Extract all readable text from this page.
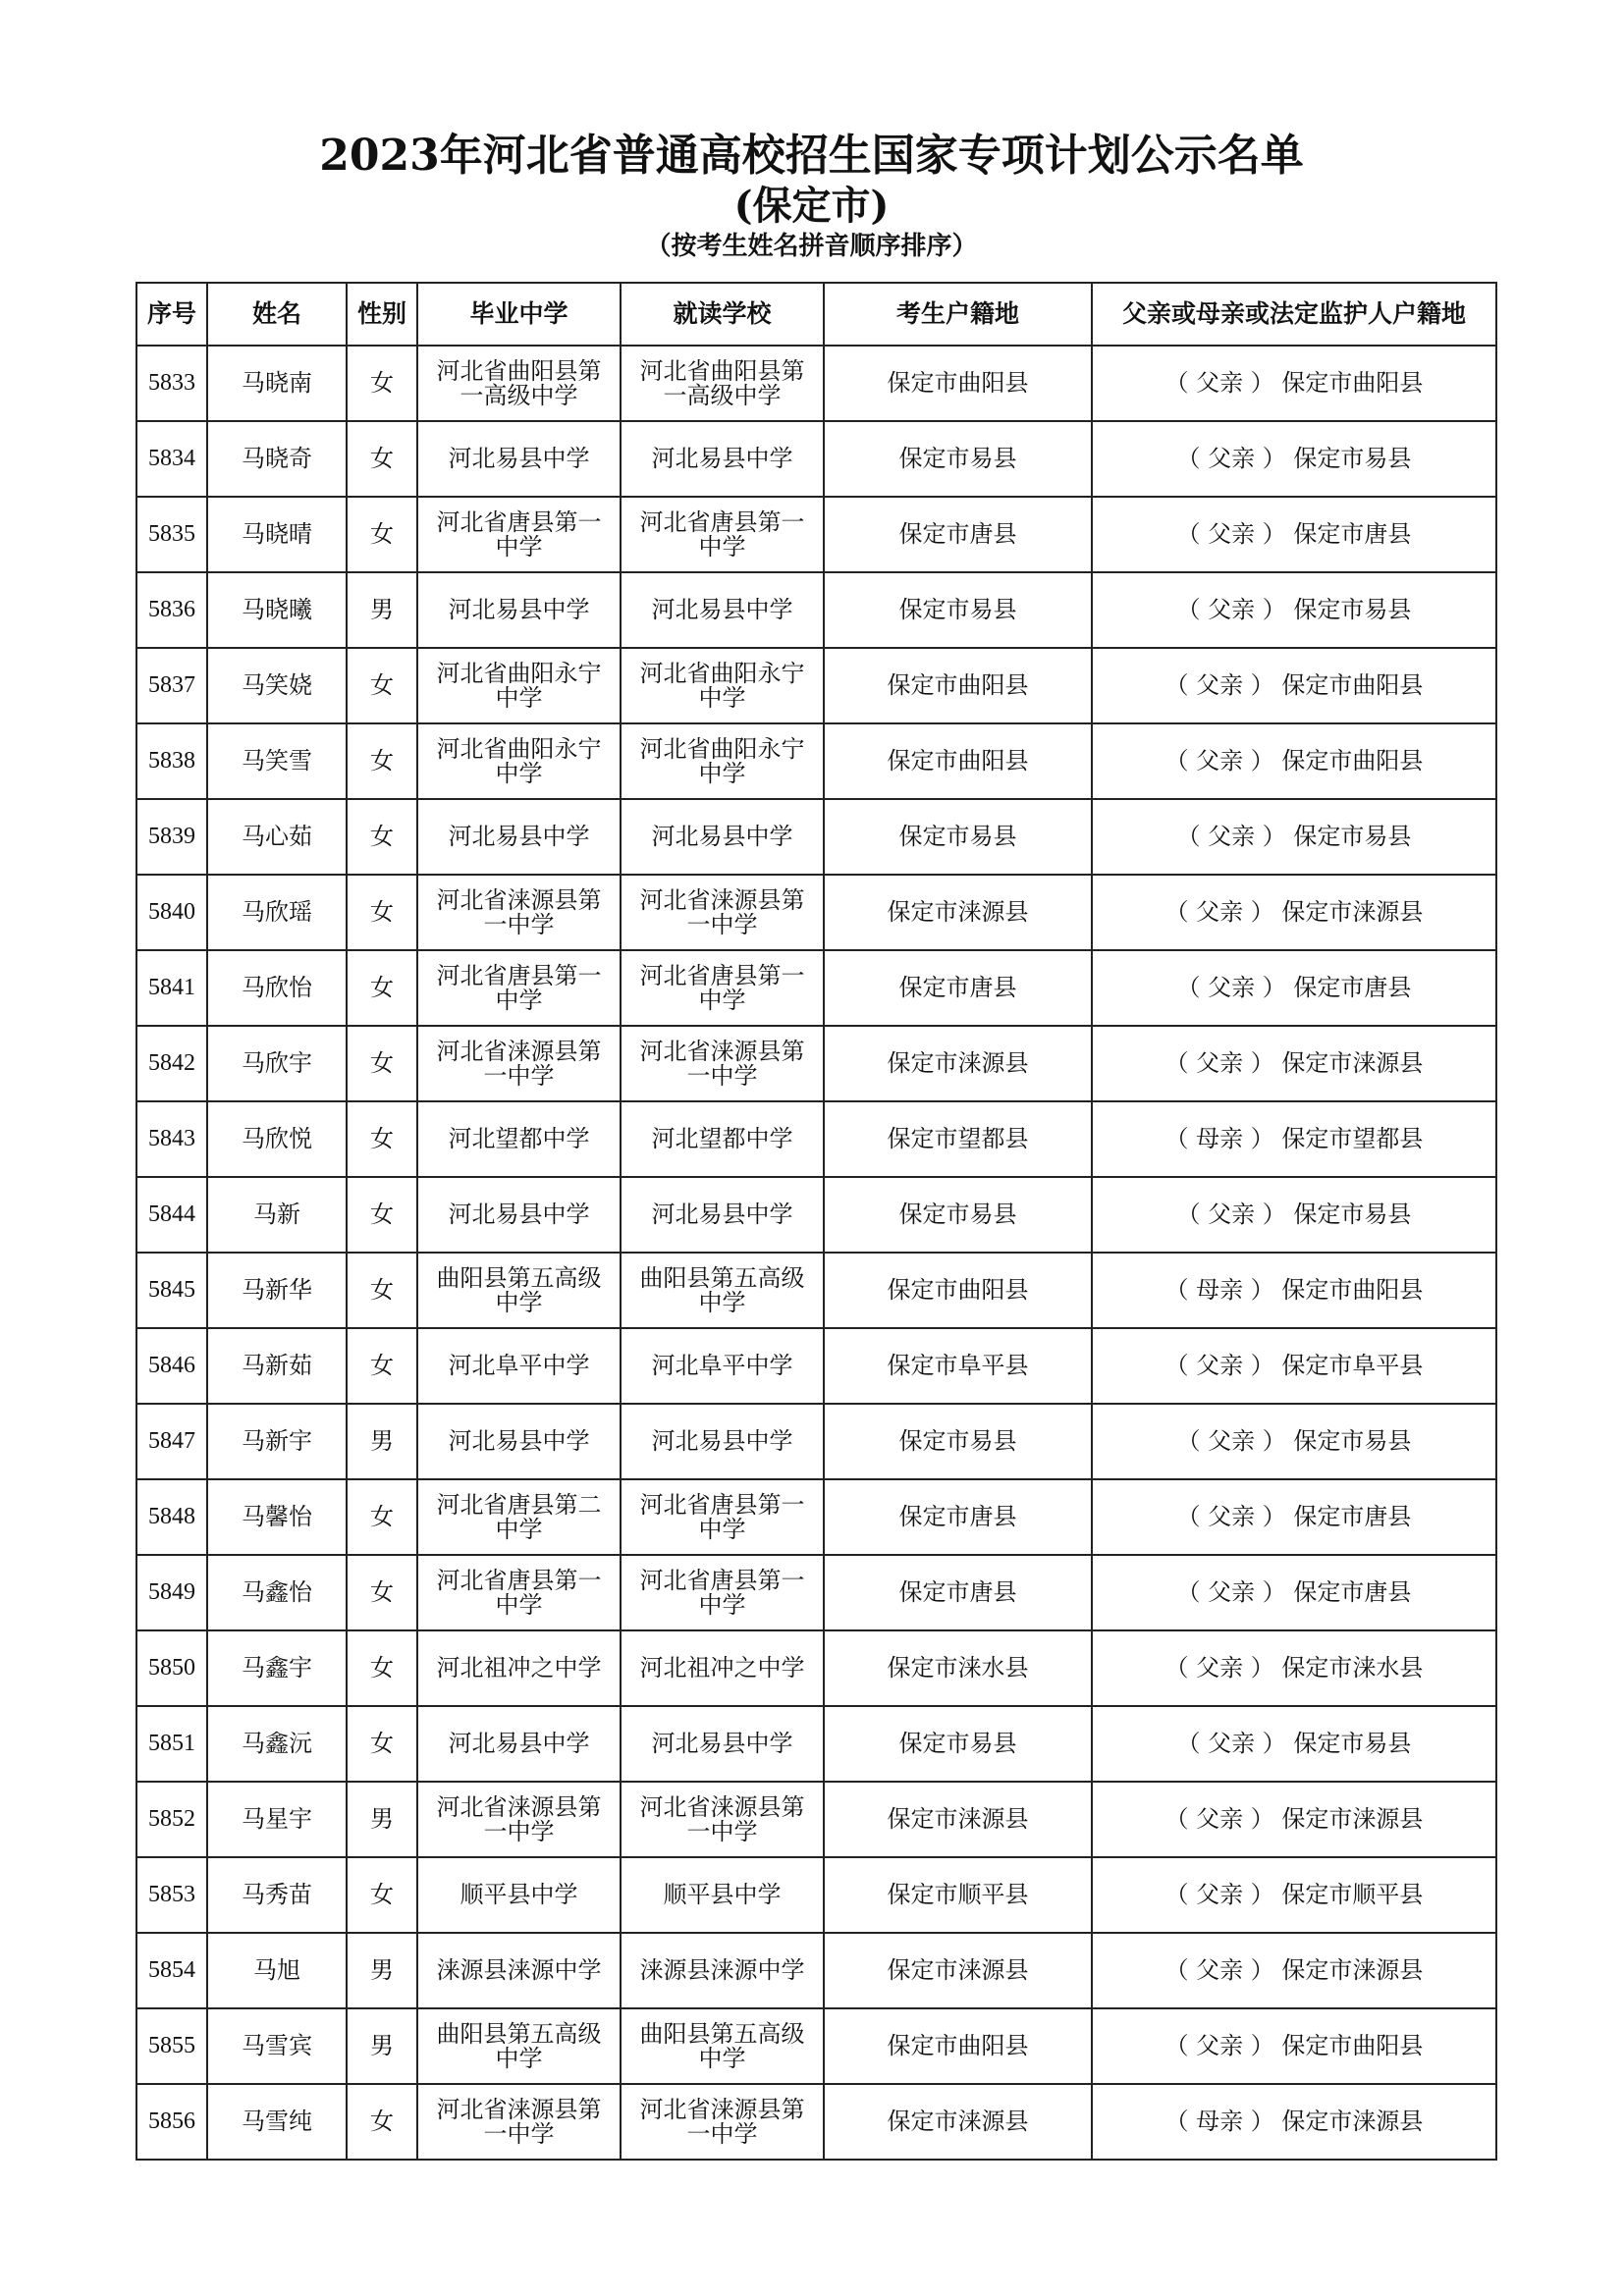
2023年河北省普通高校招生国家专项计划公示名单
(保定市)
（按考生姓名拼音顺序排序）
序号	姓名	性别	毕业中学	就读学校	考生户籍地	父亲或母亲或法定监护人户籍地
5833	马晓南	女	河北省曲阳县第一高级中学	河北省曲阳县第一高级中学	保定市曲阳县	（ 父亲 ） 保定市曲阳县
5834	马晓奇	女	河北易县中学	河北易县中学	保定市易县	（ 父亲 ） 保定市易县
5835	马晓晴	女	河北省唐县第一中学	河北省唐县第一中学	保定市唐县	（ 父亲 ） 保定市唐县
5836	马晓曦	男	河北易县中学	河北易县中学	保定市易县	（ 父亲 ） 保定市易县
5837	马笑娆	女	河北省曲阳永宁中学	河北省曲阳永宁中学	保定市曲阳县	（ 父亲 ） 保定市曲阳县
5838	马笑雪	女	河北省曲阳永宁中学	河北省曲阳永宁中学	保定市曲阳县	（ 父亲 ） 保定市曲阳县
5839	马心茹	女	河北易县中学	河北易县中学	保定市易县	（ 父亲 ） 保定市易县
5840	马欣瑶	女	河北省涞源县第一中学	河北省涞源县第一中学	保定市涞源县	（ 父亲 ） 保定市涞源县
5841	马欣怡	女	河北省唐县第一中学	河北省唐县第一中学	保定市唐县	（ 父亲 ） 保定市唐县
5842	马欣宇	女	河北省涞源县第一中学	河北省涞源县第一中学	保定市涞源县	（ 父亲 ） 保定市涞源县
5843	马欣悦	女	河北望都中学	河北望都中学	保定市望都县	（ 母亲 ） 保定市望都县
5844	马新	女	河北易县中学	河北易县中学	保定市易县	（ 父亲 ） 保定市易县
5845	马新华	女	曲阳县第五高级中学	曲阳县第五高级中学	保定市曲阳县	（ 母亲 ） 保定市曲阳县
5846	马新茹	女	河北阜平中学	河北阜平中学	保定市阜平县	（ 父亲 ） 保定市阜平县
5847	马新宇	男	河北易县中学	河北易县中学	保定市易县	（ 父亲 ） 保定市易县
5848	马馨怡	女	河北省唐县第二中学	河北省唐县第一中学	保定市唐县	（ 父亲 ） 保定市唐县
5849	马鑫怡	女	河北省唐县第一中学	河北省唐县第一中学	保定市唐县	（ 父亲 ） 保定市唐县
5850	马鑫宇	女	河北祖冲之中学	河北祖冲之中学	保定市涞水县	（ 父亲 ） 保定市涞水县
5851	马鑫沅	女	河北易县中学	河北易县中学	保定市易县	（ 父亲 ） 保定市易县
5852	马星宇	男	河北省涞源县第一中学	河北省涞源县第一中学	保定市涞源县	（ 父亲 ） 保定市涞源县
5853	马秀苗	女	顺平县中学	顺平县中学	保定市顺平县	（ 父亲 ） 保定市顺平县
5854	马旭	男	涞源县涞源中学	涞源县涞源中学	保定市涞源县	（ 父亲 ） 保定市涞源县
5855	马雪宾	男	曲阳县第五高级中学	曲阳县第五高级中学	保定市曲阳县	（ 父亲 ） 保定市曲阳县
5856	马雪纯	女	河北省涞源县第一中学	河北省涞源县第一中学	保定市涞源县	（ 母亲 ） 保定市涞源县
